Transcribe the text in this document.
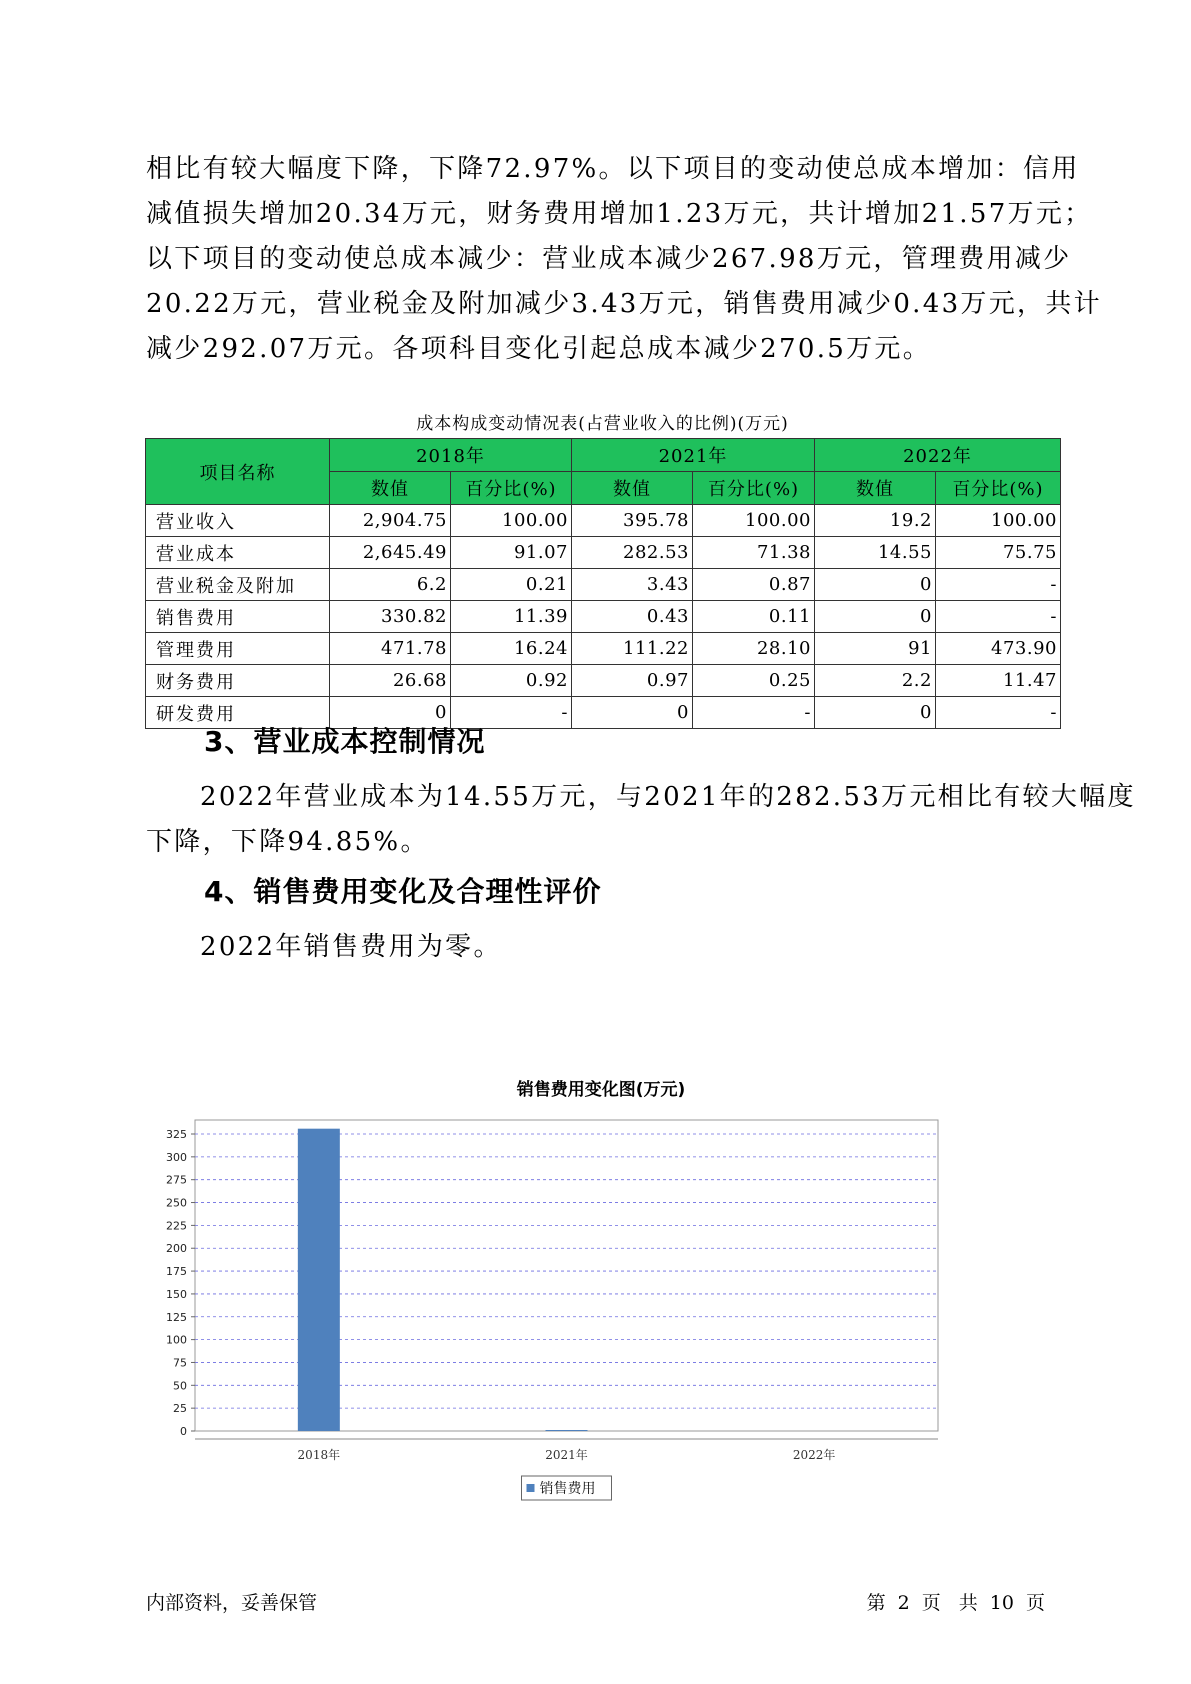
相比有较大幅度下降，下降72.97%。以下项目的变动使总成本增加：信用

减值损失增加20.34万元，财务费用增加1.23万元，共计增加21.57万元；

以下项目的变动使总成本减少：营业成本减少267.98万元，管理费用减少

20.22万元，营业税金及附加减少3.43万元，销售费用减少0.43万元，共计

减少292.07万元。各项科目变化引起总成本减少270.5万元。

成本构成变动情况表(占营业收入的比例)(万元)
项目名称	2018年		2021年		2022年	
	数值	百分比(%)	数值	百分比(%)	数值	百分比(%)
营业收入	2,904.75	100.00	395.78	100.00	19.2	100.00
营业成本	2,645.49	91.07	282.53	71.38	14.55	75.75
营业税金及附加	6.2	0.21	3.43	0.87	0	-
销售费用	330.82	11.39	0.43	0.11	0	-
管理费用	471.78	16.24	111.22	28.10	91	473.90
财务费用	26.68	0.92	0.97	0.25	2.2	11.47
研发费用	0	-	0	-	0	-
3、营业成本控制情况

2022年营业成本为14.55万元，与2021年的282.53万元相比有较大幅度

下降，下降94.85%。

4、销售费用变化及合理性评价

2022年销售费用为零。

销售费用变化图(万元)
0
25
50
75
100
125
150
175
200
225
250
275
300
325
2018年	2021年	2022年
销售费用
内部资料，妥善保管	第 2 页 共 10 页
